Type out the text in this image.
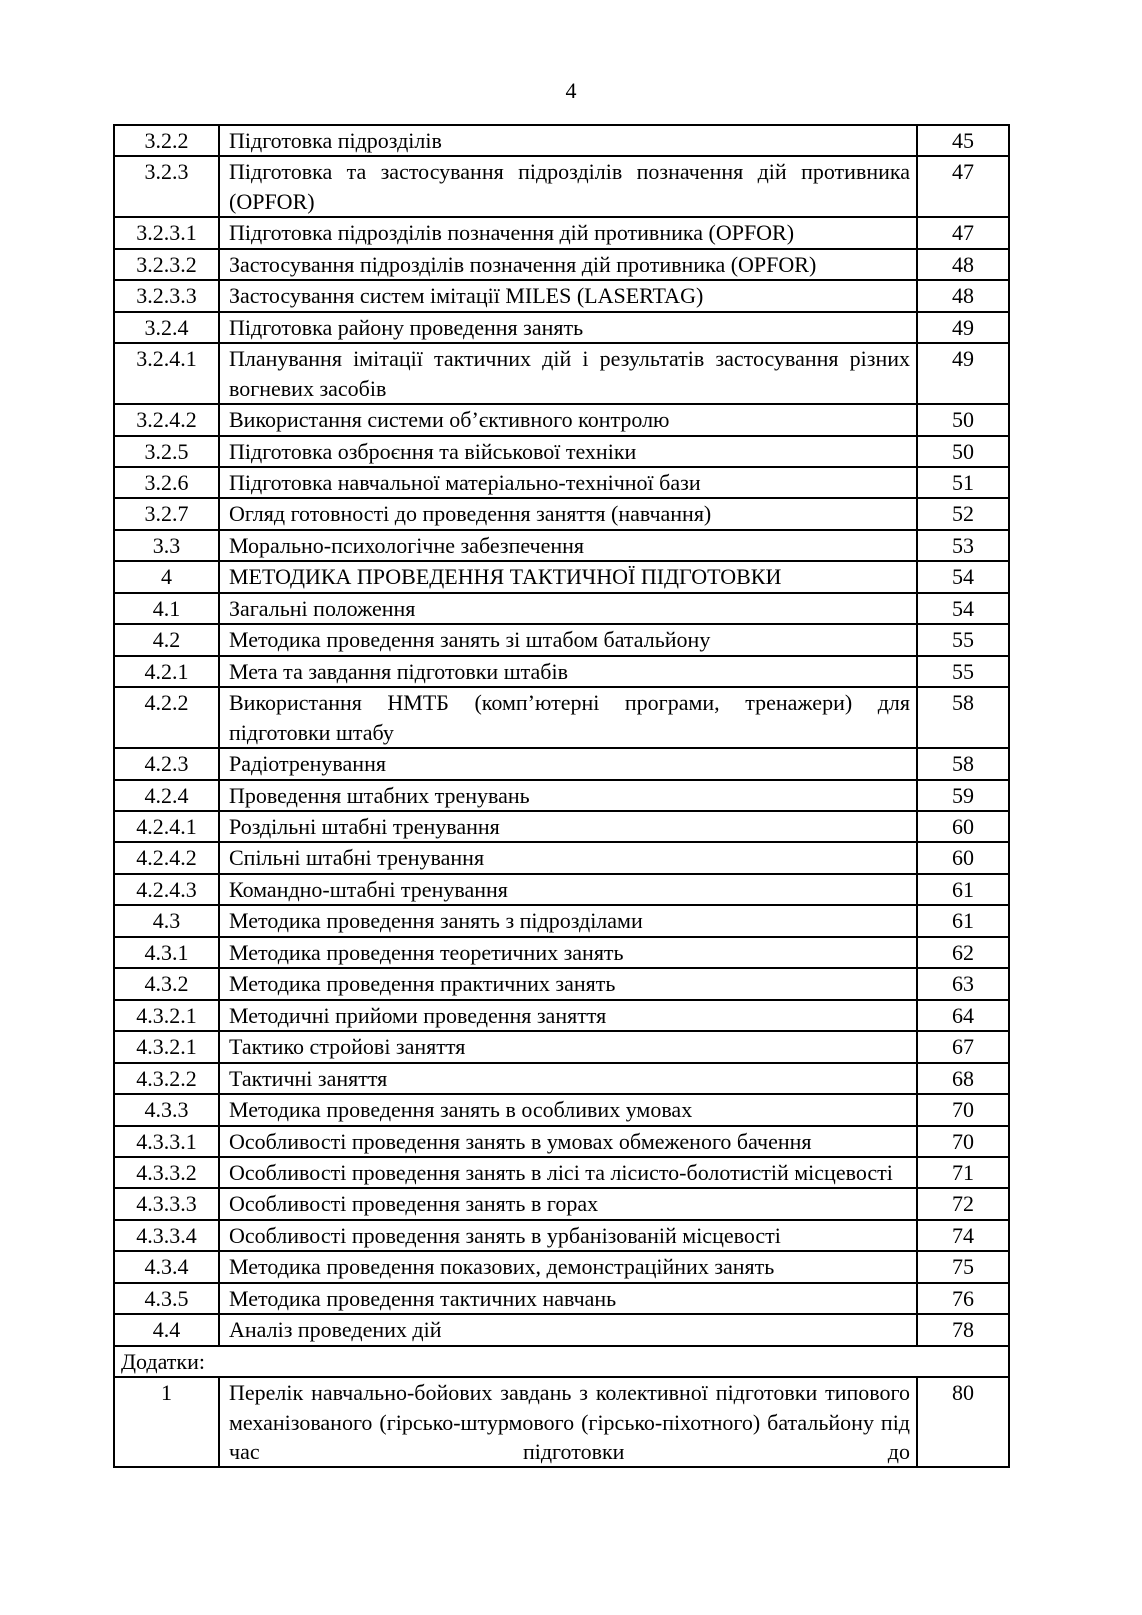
4
3.2.2	Підготовка підрозділів	45
3.2.3	Підготовка та застосування підрозділів позначення дій противника (OPFOR)	47
3.2.3.1	Підготовка підрозділів позначення дій противника (OPFOR)	47
3.2.3.2	Застосування підрозділів позначення дій противника (OPFOR)	48
3.2.3.3	Застосування систем імітації MILES (LASERTAG)	48
3.2.4	Підготовка району проведення занять	49
3.2.4.1	Планування імітації тактичних дій і результатів застосування різних вогневих засобів	49
3.2.4.2	Використання системи об’єктивного контролю	50
3.2.5	Підготовка озброєння та військової техніки	50
3.2.6	Підготовка навчальної матеріально-технічної бази	51
3.2.7	Огляд готовності до проведення заняття (навчання)	52
3.3	Морально-психологічне забезпечення	53
4	МЕТОДИКА ПРОВЕДЕННЯ ТАКТИЧНОЇ ПІДГОТОВКИ	54
4.1	Загальні положення	54
4.2	Методика проведення занять зі штабом батальйону	55
4.2.1	Мета та завдання підготовки штабів	55
4.2.2	Використання НМТБ (комп’ютерні програми, тренажери) для підготовки штабу	58
4.2.3	Радіотренування	58
4.2.4	Проведення штабних тренувань	59
4.2.4.1	Роздільні штабні тренування	60
4.2.4.2	Спільні штабні тренування	60
4.2.4.3	Командно-штабні тренування	61
4.3	Методика проведення занять з підрозділами	61
4.3.1	Методика проведення теоретичних занять	62
4.3.2	Методика проведення практичних занять	63
4.3.2.1	Методичні прийоми проведення заняття	64
4.3.2.1	Тактико стройові заняття	67
4.3.2.2	Тактичні заняття	68
4.3.3	Методика проведення занять в особливих умовах	70
4.3.3.1	Особливості проведення занять в умовах обмеженого бачення	70
4.3.3.2	Особливості проведення занять в лісі та лісисто-болотистій місцевості	71
4.3.3.3	Особливості проведення занять в горах	72
4.3.3.4	Особливості проведення занять в урбанізованій місцевості	74
4.3.4	Методика проведення показових, демонстраційних занять	75
4.3.5	Методика проведення тактичних навчань	76
4.4	Аналіз проведених дій	78
Додатки:		
1	Перелік навчально-бойових завдань з колективної підготовки типового механізованого (гірсько-штурмового (гірсько-піхотного) батальйону під час підготовки до	80
